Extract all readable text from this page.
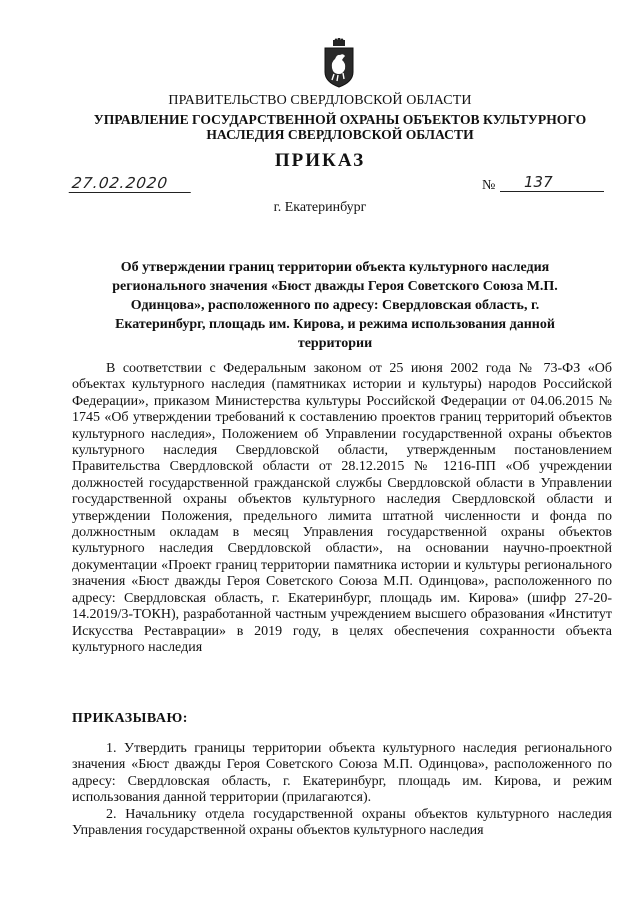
ПРАВИТЕЛЬСТВО СВЕРДЛОВСКОЙ ОБЛАСТИ
УПРАВЛЕНИЕ ГОСУДАРСТВЕННОЙ ОХРАНЫ ОБЪЕКТОВ КУЛЬТУРНОГО НАСЛЕДИЯ СВЕРДЛОВСКОЙ ОБЛАСТИ
ПРИКАЗ
27.02.2020	№	137
г. Екатеринбург
Об утверждении границ территории объекта культурного наследия регионального значения «Бюст дважды Героя Советского Союза М.П. Одинцова», расположенного по адресу: Свердловская область, г. Екатеринбург, площадь им. Кирова, и режима использования данной территории

В соответствии с Федеральным законом от 25 июня 2002 года № 73-ФЗ «Об объектах культурного наследия (памятниках истории и культуры) народов Российской Федерации», приказом Министерства культуры Российской Федерации от 04.06.2015 № 1745 «Об утверждении требований к составлению проектов границ территорий объектов культурного наследия», Положением об Управлении государственной охраны объектов культурного наследия Свердловской области, утвержденным постановлением Правительства Свердловской области от 28.12.2015 № 1216-ПП «Об учреждении должностей государственной гражданской службы Свердловской области в Управлении государственной охраны объектов культурного наследия Свердловской области и утверждении Положения, предельного лимита штатной численности и фонда по должностным окладам в месяц Управления государственной охраны объектов культурного наследия Свердловской области», на основании научно-проектной документации «Проект границ территории памятника истории и культуры регионального значения «Бюст дважды Героя Советского Союза М.П. Одинцова», расположенного по адресу: Свердловская область, г. Екатеринбург, площадь им. Кирова» (шифр 27-20-14.2019/3-ТОКН), разработанной частным учреждением высшего образования «Институт Искусства Реставрации» в 2019 году, в целях обеспечения сохранности объекта культурного наследия

ПРИКАЗЫВАЮ:

1. Утвердить границы территории объекта культурного наследия регионального значения «Бюст дважды Героя Советского Союза М.П. Одинцова», расположенного по адресу: Свердловская область, г. Екатеринбург, площадь им. Кирова, и режим использования данной территории (прилагаются).

2. Начальнику отдела государственной охраны объектов культурного наследия Управления государственной охраны объектов культурного наследия
